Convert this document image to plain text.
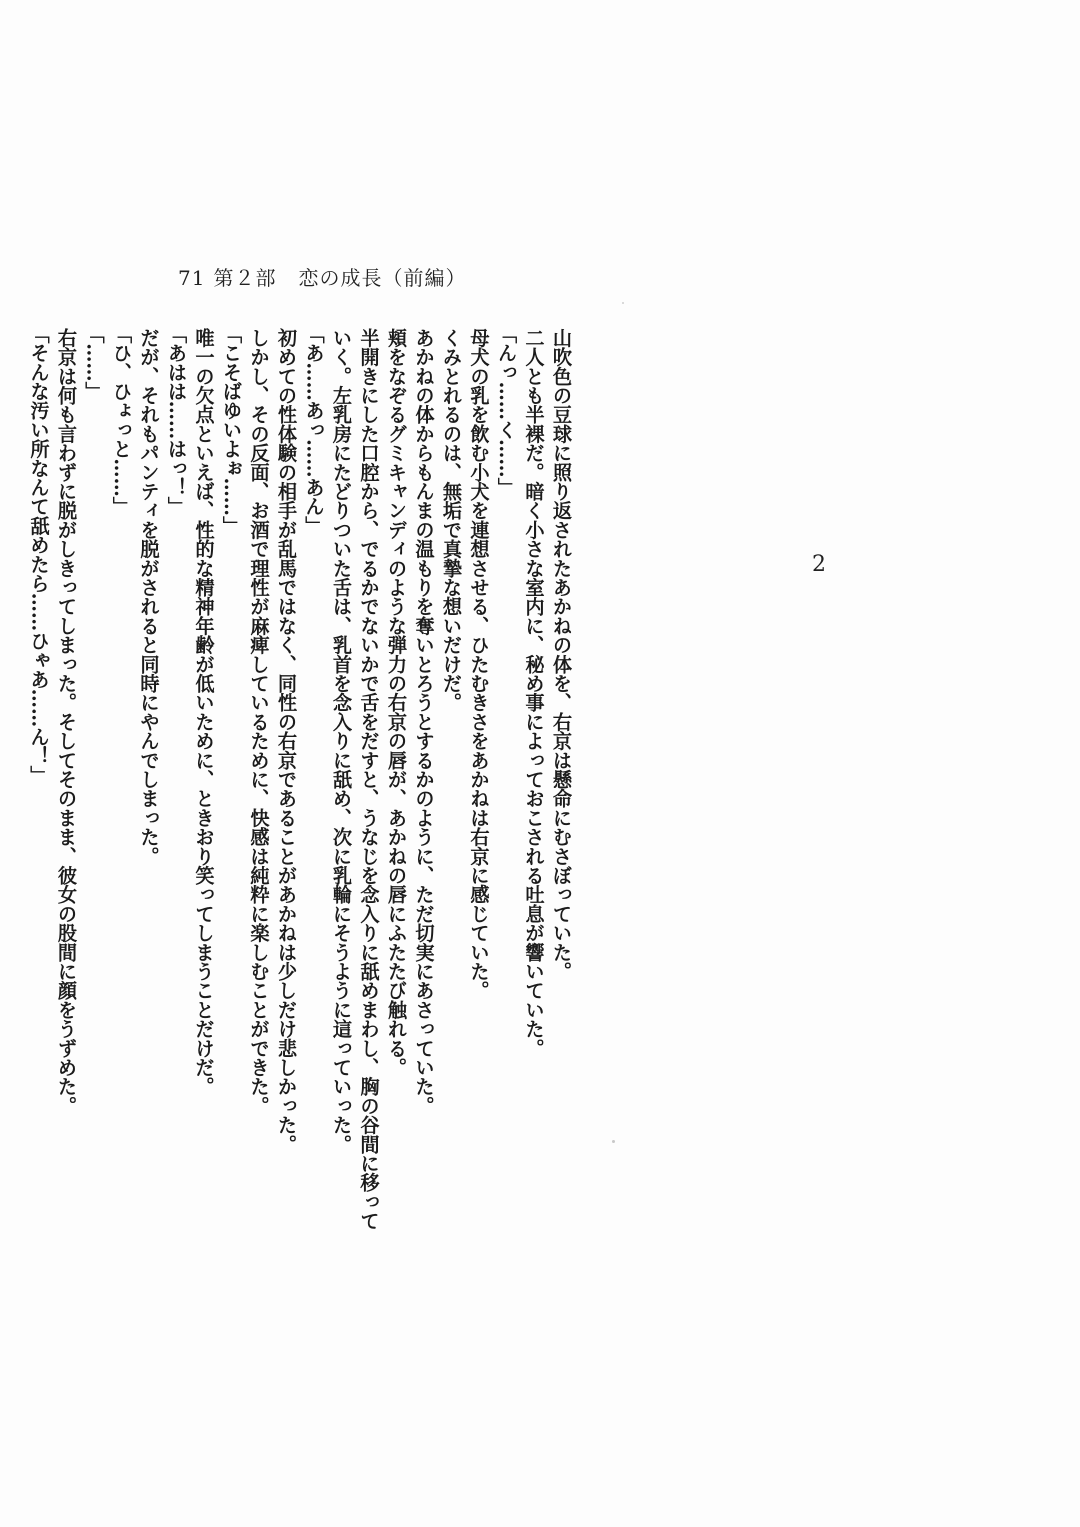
71 第２部 恋の成長（前編）
2
山吹色の豆球に照り返されたあかねの体を、右京は懸命にむさぼっていた。
二人とも半裸だ。暗く小さな室内に、秘め事によっておこされる吐息が響いていた。
「んっ……く……」
母犬の乳を飲む小犬を連想させる、ひたむきさをあかねは右京に感じていた。
くみとれるのは、無垢で真摯な想いだけだ。
あかねの体からもんまの温もりを奪いとろうとするかのように、ただ切実にあさっていた。
頬をなぞるグミキャンディのような弾力の右京の唇が、あかねの唇にふたたび触れる。
半開きにした口腔から、でるかでないかで舌をだすと、うなじを念入りに舐めまわし、胸の谷間に移って
いく。左乳房にたどりついた舌は、乳首を念入りに舐め、次に乳輪にそうように這っていった。
「あ……あっ……あん」
初めての性体験の相手が乱馬ではなく、同性の右京であることがあかねは少しだけ悲しかった。
しかし、その反面、お酒で理性が麻痺しているために、快感は純粋に楽しむことができた。
「こそばゆいよぉ……」
唯一の欠点といえば、性的な精神年齢が低いために、ときおり笑ってしまうことだけだ。
「あはは……はっ！」
だが、それもパンティを脱がされると同時にやんでしまった。
「ひ、ひょっと……」
「……」
右京は何も言わずに脱がしきってしまった。そしてそのまま、彼女の股間に顔をうずめた。
「そんな汚い所なんて舐めたら……ひゃあ……ん！」
